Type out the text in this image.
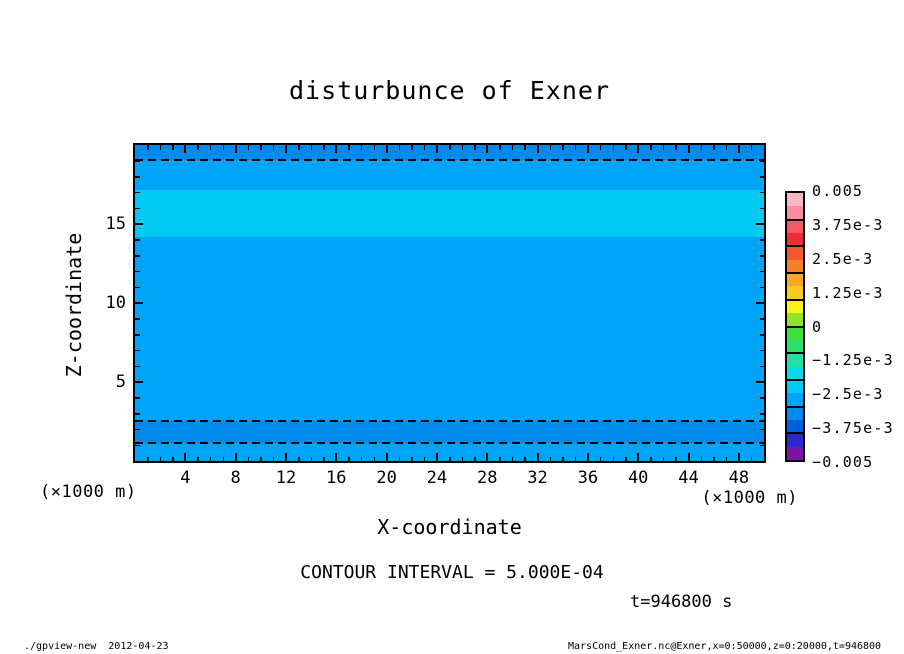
disturbunce of Exner
Z-coordinate
4	8	12	16	20	24	28	32	36	40	44	48
5
10
15
(×1000 m)	(×1000 m)
X-coordinate
CONTOUR INTERVAL = 5.000E-04
t=946800 s
0.005
3.75e-3
2.5e-3
1.25e-3
0
−1.25e-3
−2.5e-3
−3.75e-3
−0.005
./gpview-new  2012-04-23	MarsCond_Exner.nc@Exner,x=0:50000,z=0:20000,t=946800
